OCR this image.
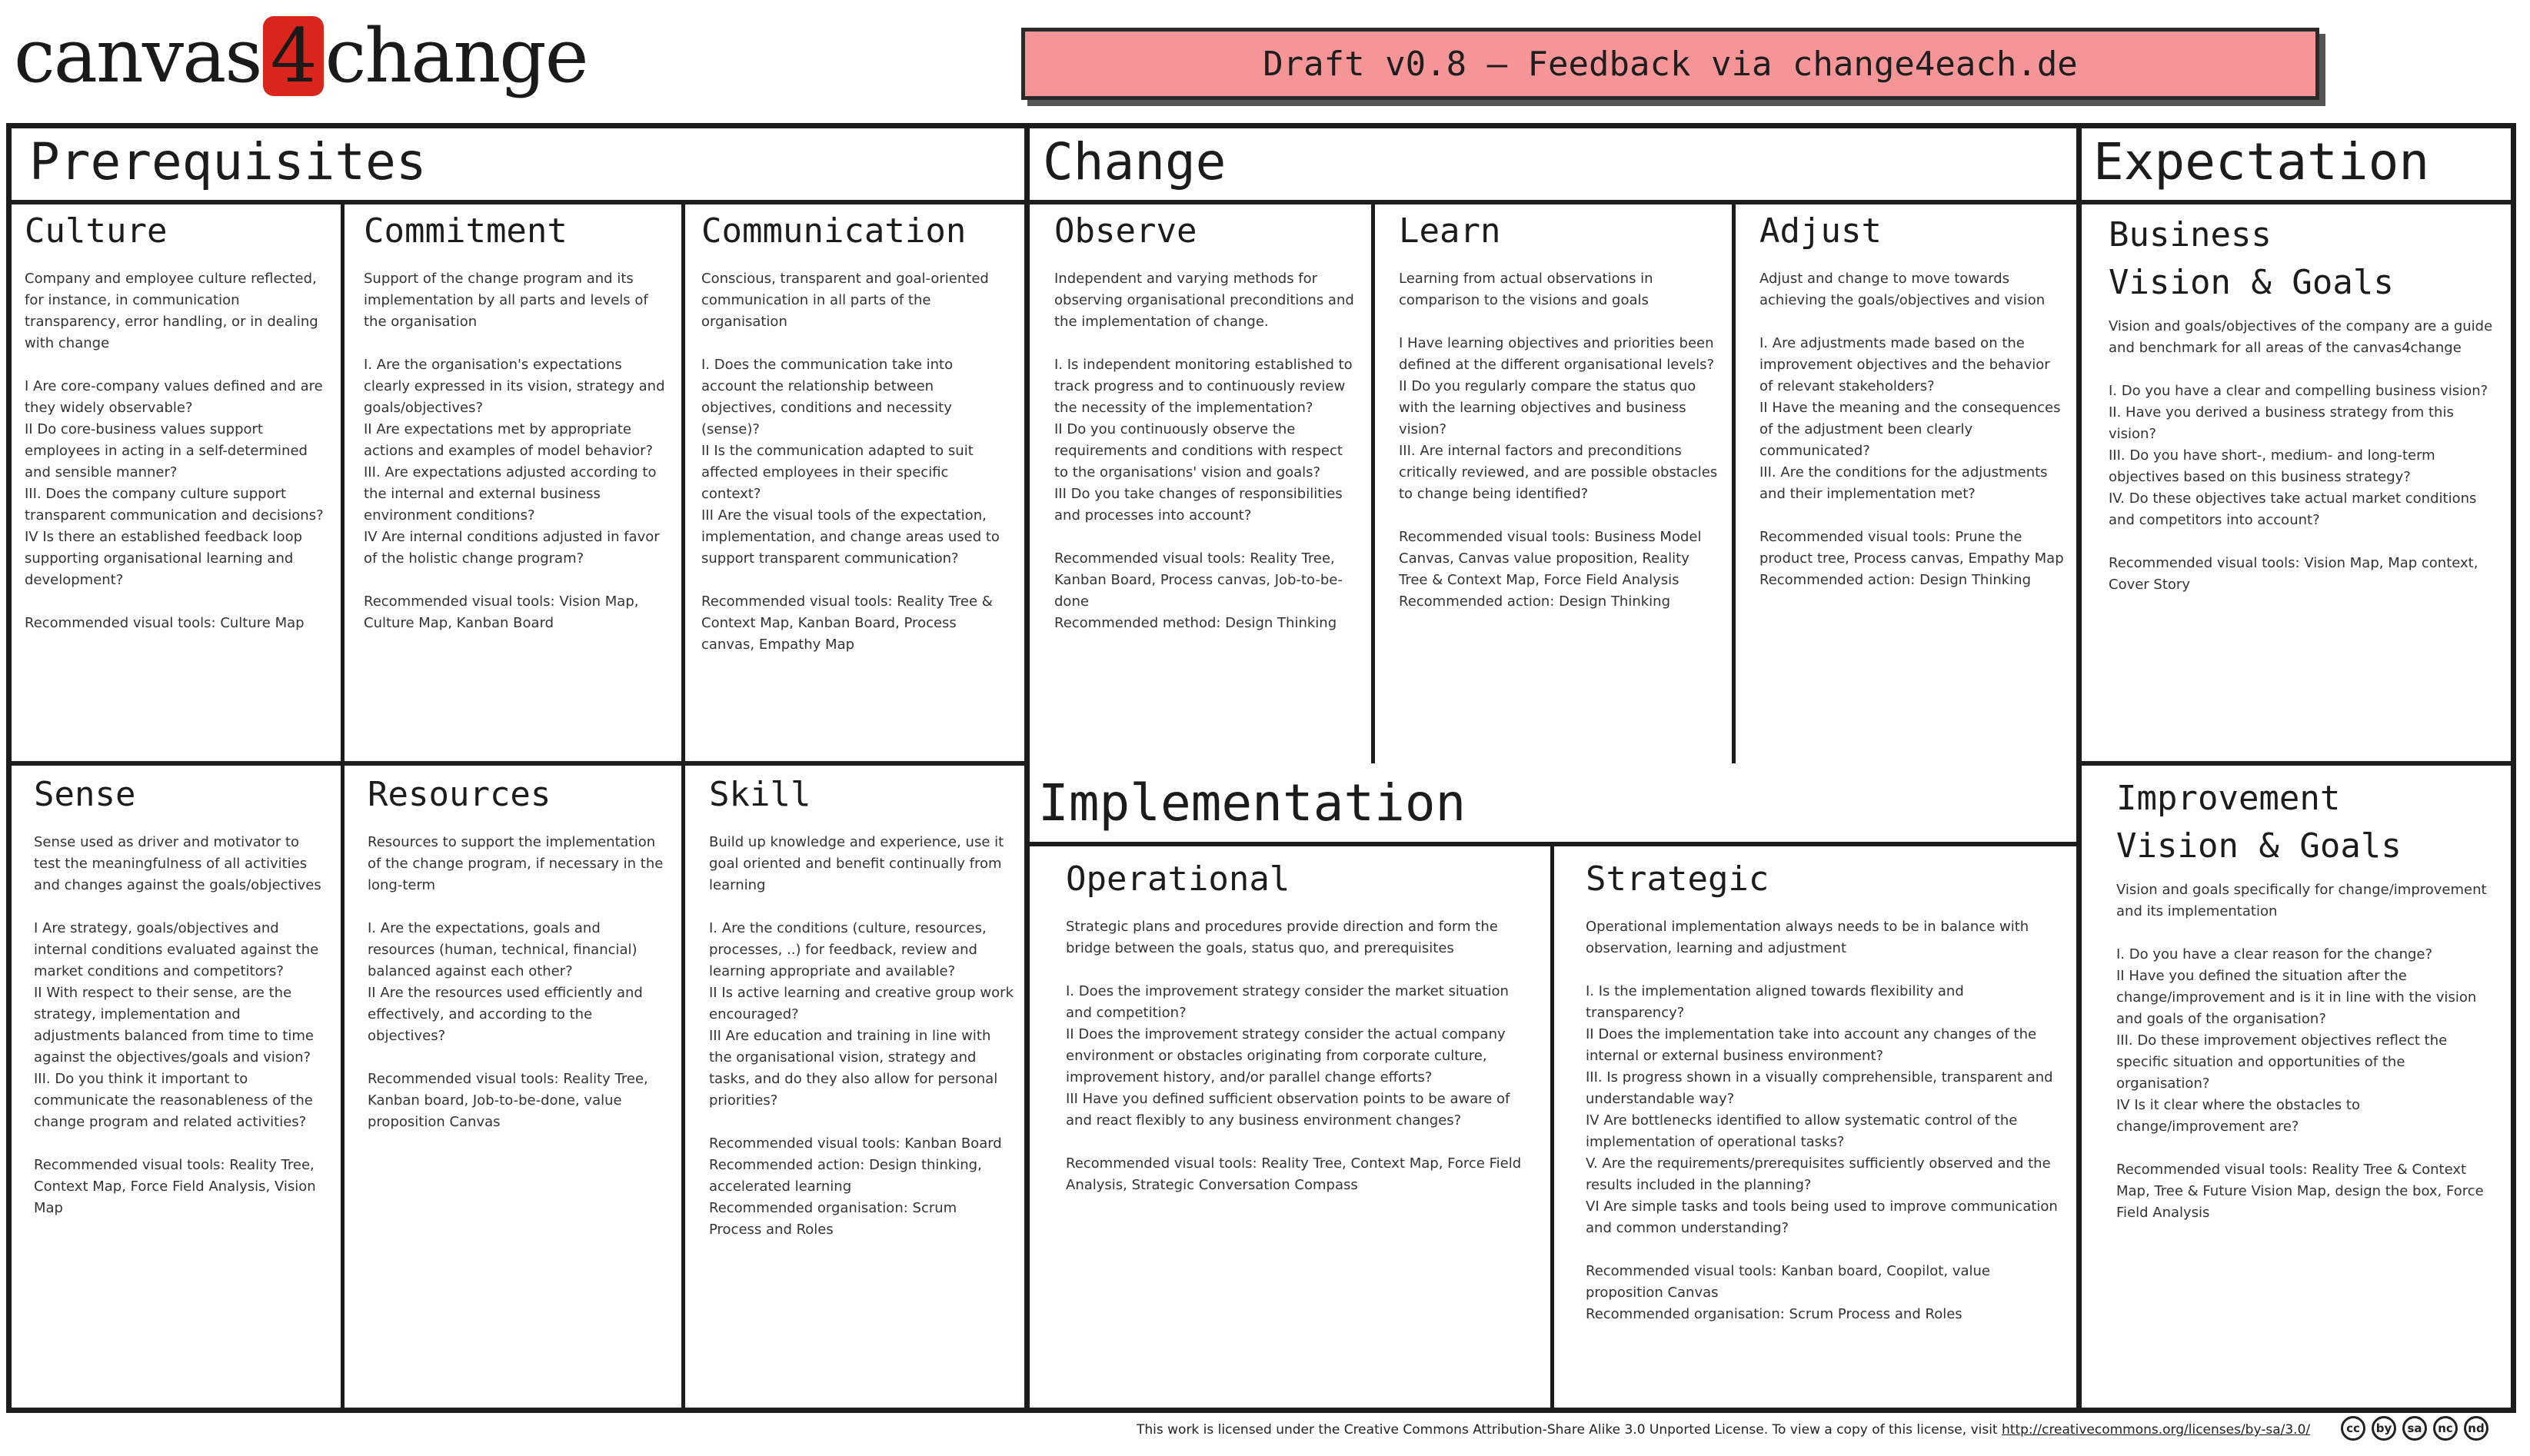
canvas 4 change	Draft v0.8 – Feedback via change4each.de
Prerequisites	Change	Expectation
Implementation
Culture
Company and employee culture reflected, for instance, in communication transparency, error handling, or in dealing with change

I Are core-company values defined and are they widely observable?
II Do core-business values support employees in acting in a self-determined and sensible manner?
III. Does the company culture support transparent communication and decisions?
IV Is there an established feedback loop supporting organisational learning and development?

Recommended visual tools: Culture Map
Commitment
Support of the change program and its implementation by all parts and levels of the organisation

I. Are the organisation's expectations clearly expressed in its vision, strategy and goals/objectives?
II Are expectations met by appropriate actions and examples of model behavior?
III. Are expectations adjusted according to the internal and external business environment conditions?
IV Are internal conditions adjusted in favor of the holistic change program?

Recommended visual tools: Vision Map, Culture Map, Kanban Board
Communication
Conscious, transparent and goal-oriented communication in all parts of the organisation

I. Does the communication take into account the relationship between objectives, conditions and necessity (sense)?
II Is the communication adapted to suit affected employees in their specific context?
III Are the visual tools of the expectation, implementation, and change areas used to support transparent communication?

Recommended visual tools: Reality Tree & Context Map, Kanban Board, Process canvas, Empathy Map
Observe
Independent and varying methods for observing organisational preconditions and the implementation of change.

I. Is independent monitoring established to track progress and to continuously review the necessity of the implementation?
II Do you continuously observe the requirements and conditions with respect to the organisations' vision and goals?
III Do you take changes of responsibilities and processes into account?

Recommended visual tools: Reality Tree, Kanban Board, Process canvas, Job-to-be-done
Recommended method: Design Thinking
Learn
Learning from actual observations in comparison to the visions and goals

I Have learning objectives and priorities been defined at the different organisational levels?
II Do you regularly compare the status quo with the learning objectives and business vision?
III. Are internal factors and preconditions critically reviewed, and are possible obstacles to change being identified?

Recommended visual tools: Business Model Canvas, Canvas value proposition, Reality Tree & Context Map, Force Field Analysis
Recommended action: Design Thinking
Adjust
Adjust and change to move towards achieving the goals/objectives and vision

I. Are adjustments made based on the improvement objectives and the behavior of relevant stakeholders?
II Have the meaning and the consequences of the adjustment been clearly communicated?
III. Are the conditions for the adjustments and their implementation met?

Recommended visual tools: Prune the product tree, Process canvas, Empathy Map
Recommended action: Design Thinking
Business
Vision & Goals
Vision and goals/objectives of the company are a guide and benchmark for all areas of the canvas4change

I. Do you have a clear and compelling business vision?
II. Have you derived a business strategy from this vision?
III. Do you have short-, medium- and long-term objectives based on this business strategy?
IV. Do these objectives take actual market conditions and competitors into account?

Recommended visual tools: Vision Map, Map context, Cover Story
Sense
Sense used as driver and motivator to test the meaningfulness of all activities and changes against the goals/objectives

I Are strategy, goals/objectives and internal conditions evaluated against the market conditions and competitors?
II With respect to their sense, are the strategy, implementation and adjustments balanced from time to time against the objectives/goals and vision?
III. Do you think it important to communicate the reasonableness of the change program and related activities?

Recommended visual tools: Reality Tree, Context Map, Force Field Analysis, Vision Map
Resources
Resources to support the implementation of the change program, if necessary in the long-term

I. Are the expectations, goals and resources (human, technical, financial) balanced against each other?
II Are the resources used efficiently and effectively, and according to the objectives?

Recommended visual tools: Reality Tree, Kanban board, Job-to-be-done, value proposition Canvas
Skill
Build up knowledge and experience, use it goal oriented and benefit continually from learning

I. Are the conditions (culture, resources, processes, ..) for feedback, review and learning appropriate and available?
II Is active learning and creative group work encouraged?
III Are education and training in line with the organisational vision, strategy and tasks, and do they also allow for personal priorities?

Recommended visual tools: Kanban Board
Recommended action: Design thinking, accelerated learning
Recommended organisation: Scrum Process and Roles
Operational
Strategic plans and procedures provide direction and form the bridge between the goals, status quo, and prerequisites

I. Does the improvement strategy consider the market situation and competition?
II Does the improvement strategy consider the actual company environment or obstacles originating from corporate culture, improvement history, and/or parallel change efforts?
III Have you defined sufficient observation points to be aware of and react flexibly to any business environment changes?

Recommended visual tools: Reality Tree, Context Map, Force Field Analysis, Strategic Conversation Compass
Strategic
Operational implementation always needs to be in balance with observation, learning and adjustment

I. Is the implementation aligned towards flexibility and transparency?
II Does the implementation take into account any changes of the internal or external business environment?
III. Is progress shown in a visually comprehensible, transparent and understandable way?
IV Are bottlenecks identified to allow systematic control of the implementation of operational tasks?
V. Are the requirements/prerequisites sufficiently observed and the results included in the planning?
VI Are simple tasks and tools being used to improve communication and common understanding?

Recommended visual tools: Kanban board, Coopilot, value proposition Canvas
Recommended organisation: Scrum Process and Roles
Improvement
Vision & Goals
Vision and goals specifically for change/improvement and its implementation

I. Do you have a clear reason for the change?
II Have you defined the situation after the change/improvement and is it in line with the vision and goals of the organisation?
III. Do these improvement objectives reflect the specific situation and opportunities of the organisation?
IV Is it clear where the obstacles to change/improvement are?

Recommended visual tools: Reality Tree & Context Map, Tree & Future Vision Map, design the box, Force Field Analysis
This work is licensed under the Creative Commons Attribution-Share Alike 3.0 Unported License. To view a copy of this license, visit http://creativecommons.org/licenses/by-sa/3.0/	cc	by	sa	nc	nd
